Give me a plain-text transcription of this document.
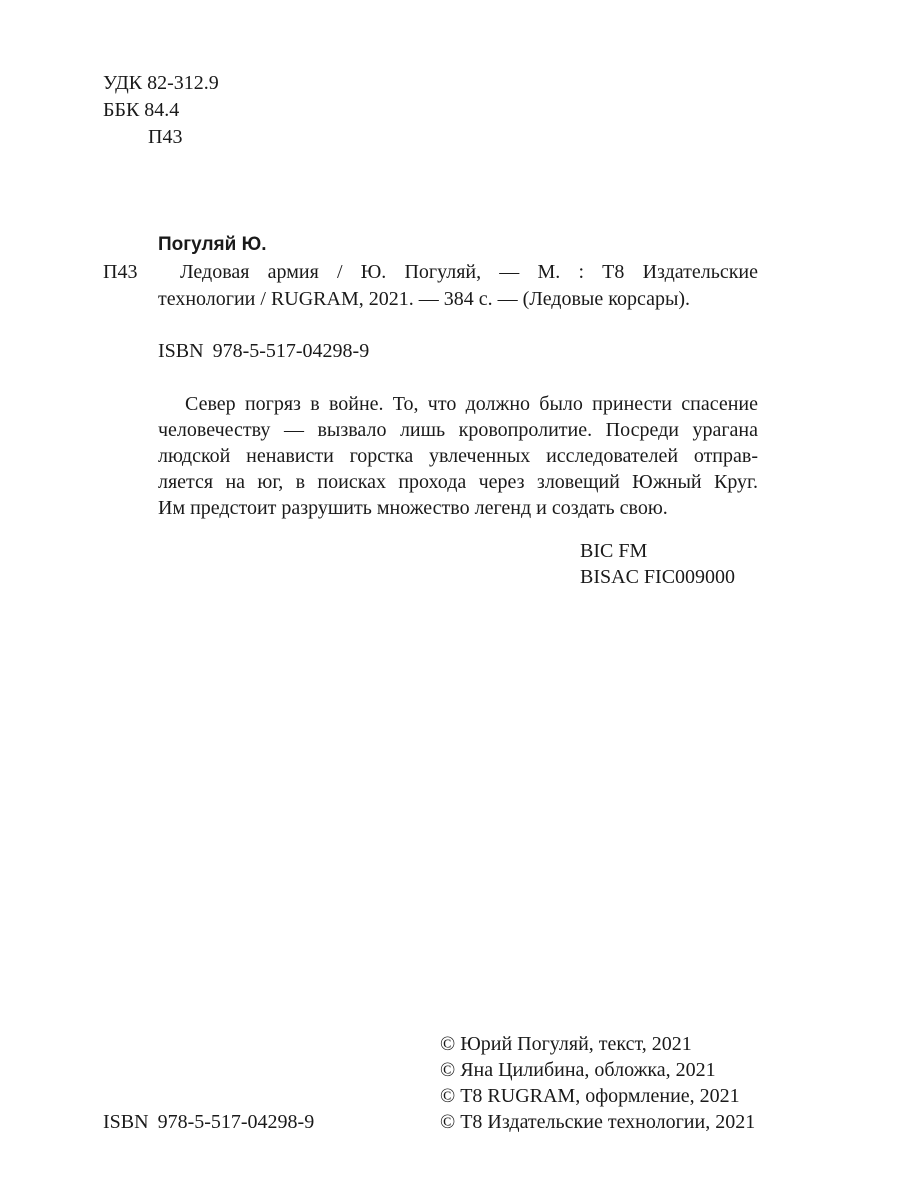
УДК 82-312.9
ББК 84.4
П43
Погуляй Ю.
П43 Ледовая армия / Ю. Погуляй, — М. : Т8 Издательские
технологии / RUGRAM, 2021. — 384 с. — (Ледовые корсары).
ISBN 978-5-517-04298-9
Север погряз в войне. То, что должно было принести спасение
человечеству — вызвало лишь кровопролитие. Посреди урагана
людской ненависти горстка увлеченных исследователей отправ-
ляется на юг, в поисках прохода через зловещий Южный Круг.
Им предстоит разрушить множество легенд и создать свою.
BIC FM
BISAC FIC009000
© Юрий Погуляй, текст, 2021
© Яна Цилибина, обложка, 2021
© Т8 RUGRAM, оформление, 2021
© Т8 Издательские технологии, 2021
ISBN 978-5-517-04298-9
